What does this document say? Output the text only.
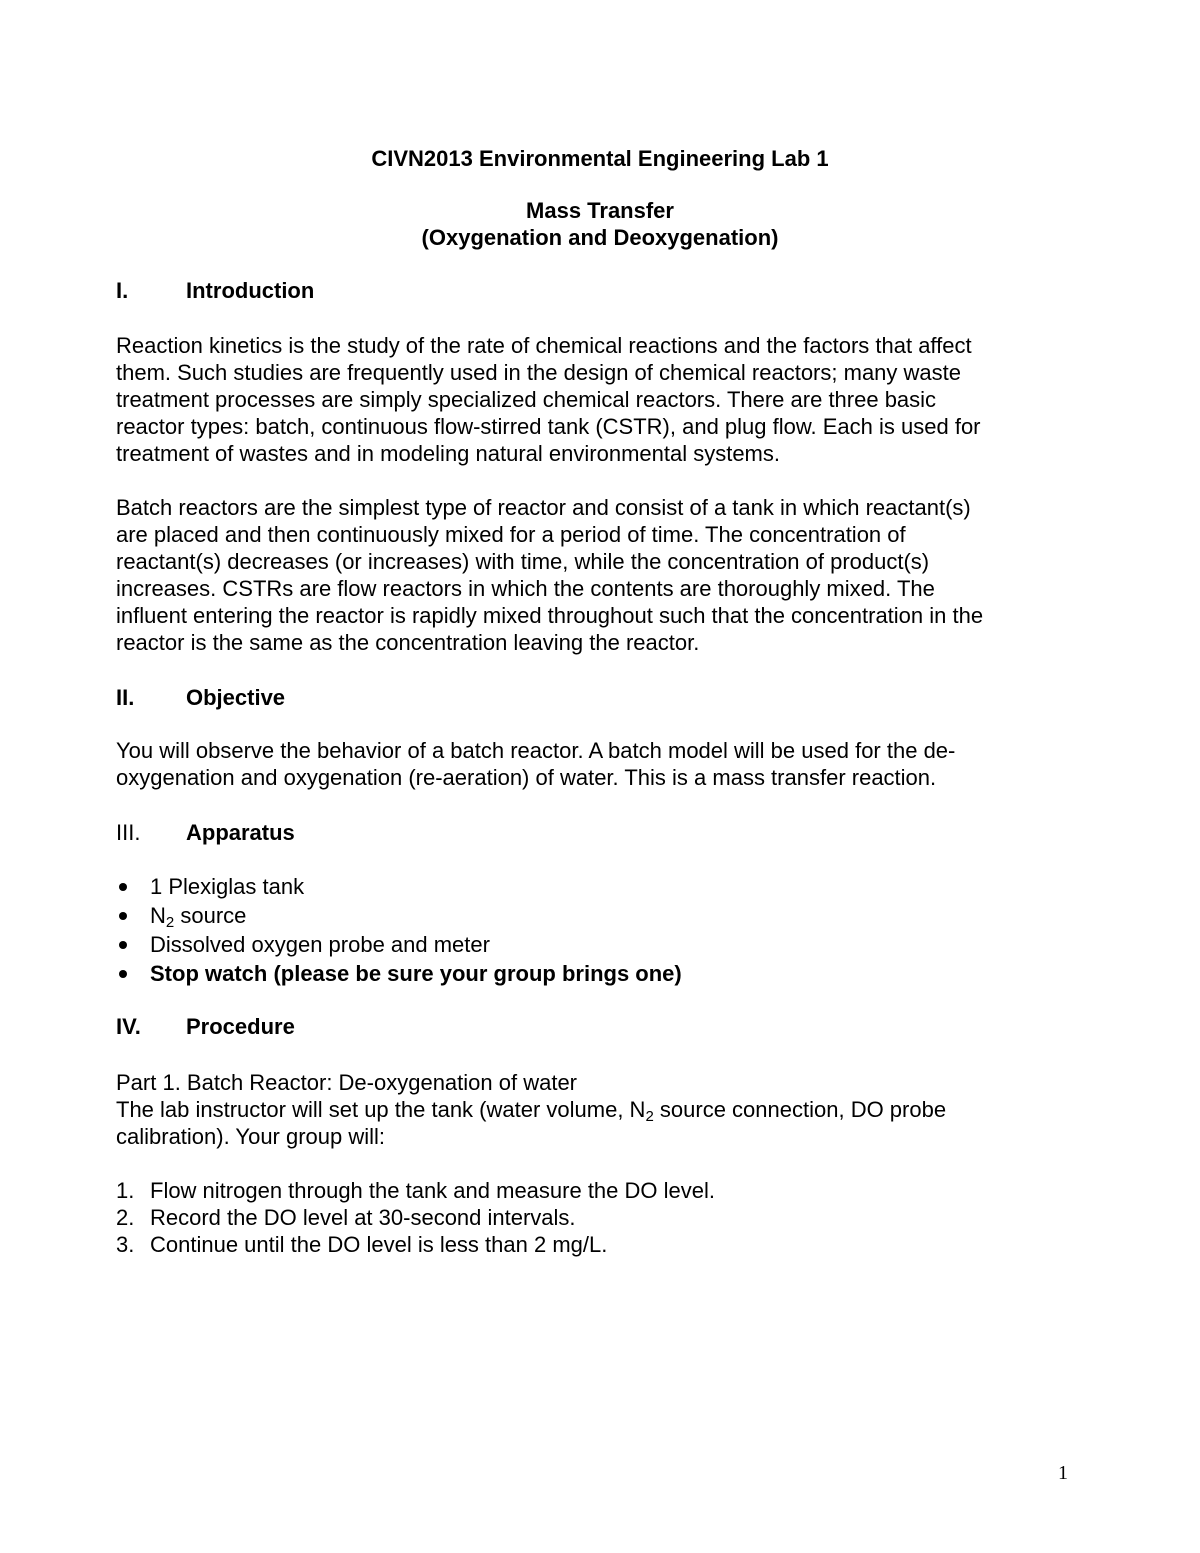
CIVN2013 Environmental Engineering Lab 1
Mass Transfer
(Oxygenation and Deoxygenation)
I.	Introduction
Reaction kinetics is the study of the rate of chemical reactions and the factors that affect
them. Such studies are frequently used in the design of chemical reactors; many waste
treatment processes are simply specialized chemical reactors. There are three basic
reactor types: batch, continuous flow-stirred tank (CSTR), and plug flow. Each is used for
treatment of wastes and in modeling natural environmental systems.
Batch reactors are the simplest type of reactor and consist of a tank in which reactant(s)
are placed and then continuously mixed for a period of time. The concentration of
reactant(s) decreases (or increases) with time, while the concentration of product(s)
increases. CSTRs are flow reactors in which the contents are thoroughly mixed. The
influent entering the reactor is rapidly mixed throughout such that the concentration in the
reactor is the same as the concentration leaving the reactor.
II. Objective
You will observe the behavior of a batch reactor. A batch model will be used for the de-
oxygenation and oxygenation (re-aeration) of water. This is a mass transfer reaction.
III. Apparatus
1 Plexiglas tank
$N_2$ source
Dissolved oxygen probe and meter
Stop watch (please be sure your group brings one)
IV. Procedure
Part 1. Batch Reactor: De-oxygenation of water
The lab instructor will set up the tank (water volume, $N_2$ source connection, DO probe
calibration). Your group will:
1. Flow nitrogen through the tank and measure the DO level.
2. Record the DO level at 30-second intervals.
3. Continue until the DO level is less than 2 mg/L.
1
